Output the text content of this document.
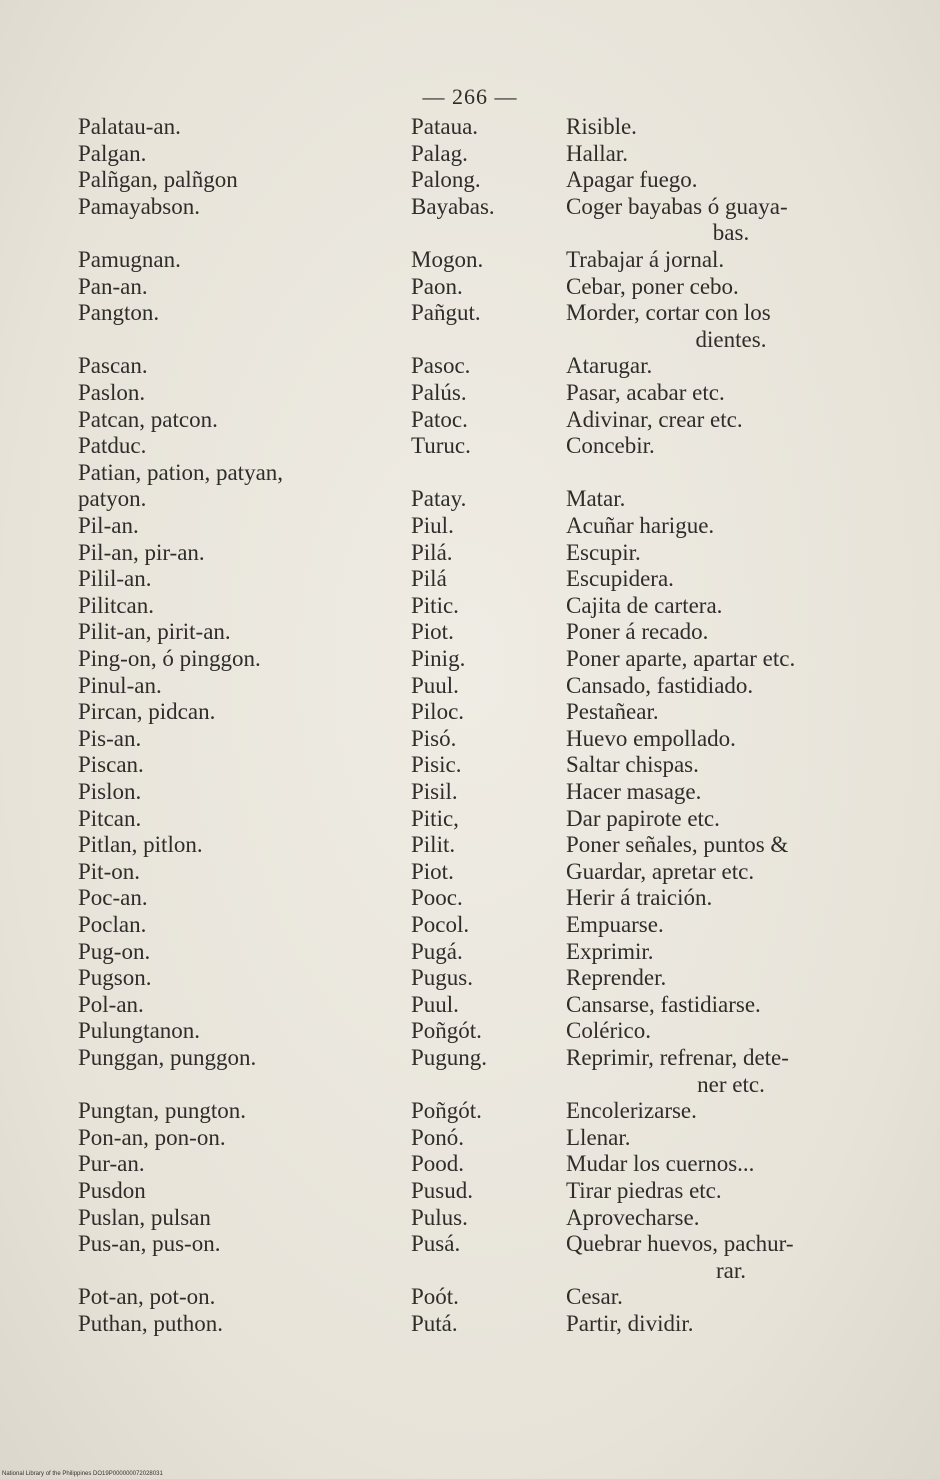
— 266 —
Palatau-an.	Pataua.	Risible.
Palgan.	Palag.	Hallar.
Palñgan, palñgon	Palong.	Apagar fuego.
Pamayabson.	Bayabas.	Coger bayabas ó guaya-
bas.
Pamugnan.	Mogon.	Trabajar á jornal.
Pan-an.	Paon.	Cebar, poner cebo.
Pangton.	Pañgut.	Morder, cortar con los
dientes.
Pascan.	Pasoc.	Atarugar.
Paslon.	Palús.	Pasar, acabar etc.
Patcan, patcon.	Patoc.	Adivinar, crear etc.
Patduc.	Turuc.	Concebir.
Patian, pation, patyan,
patyon.	Patay.	Matar.
Pil-an.	Piul.	Acuñar harigue.
Pil-an, pir-an.	Pilá.	Escupir.
Pilil-an.	Pilá	Escupidera.
Pilitcan.	Pitic.	Cajita de cartera.
Pilit-an, pirit-an.	Piot.	Poner á recado.
Ping-on, ó pinggon.	Pinig.	Poner aparte, apartar etc.
Pinul-an.	Puul.	Cansado, fastidiado.
Pircan, pidcan.	Piloc.	Pestañear.
Pis-an.	Pisó.	Huevo empollado.
Piscan.	Pisic.	Saltar chispas.
Pislon.	Pisil.	Hacer masage.
Pitcan.	Pitic,	Dar papirote etc.
Pitlan, pitlon.	Pilit.	Poner señales, puntos &
Pit-on.	Piot.	Guardar, apretar etc.
Poc-an.	Pooc.	Herir á traición.
Poclan.	Pocol.	Empuarse.
Pug-on.	Pugá.	Exprimir.
Pugson.	Pugus.	Reprender.
Pol-an.	Puul.	Cansarse, fastidiarse.
Pulungtanon.	Poñgót.	Colérico.
Punggan, punggon.	Pugung.	Reprimir, refrenar, dete-
ner etc.
Pungtan, pungton.	Poñgót.	Encolerizarse.
Pon-an, pon-on.	Ponó.	Llenar.
Pur-an.	Pood.	Mudar los cuernos...
Pusdon	Pusud.	Tirar piedras etc.
Puslan, pulsan	Pulus.	Aprovecharse.
Pus-an, pus-on.	Pusá.	Quebrar huevos, pachur-
rar.
Pot-an, pot-on.	Poót.	Cesar.
Puthan, puthon.	Putá.	Partir, dividir.
National Library of the Philippines DO19P000000072028031
